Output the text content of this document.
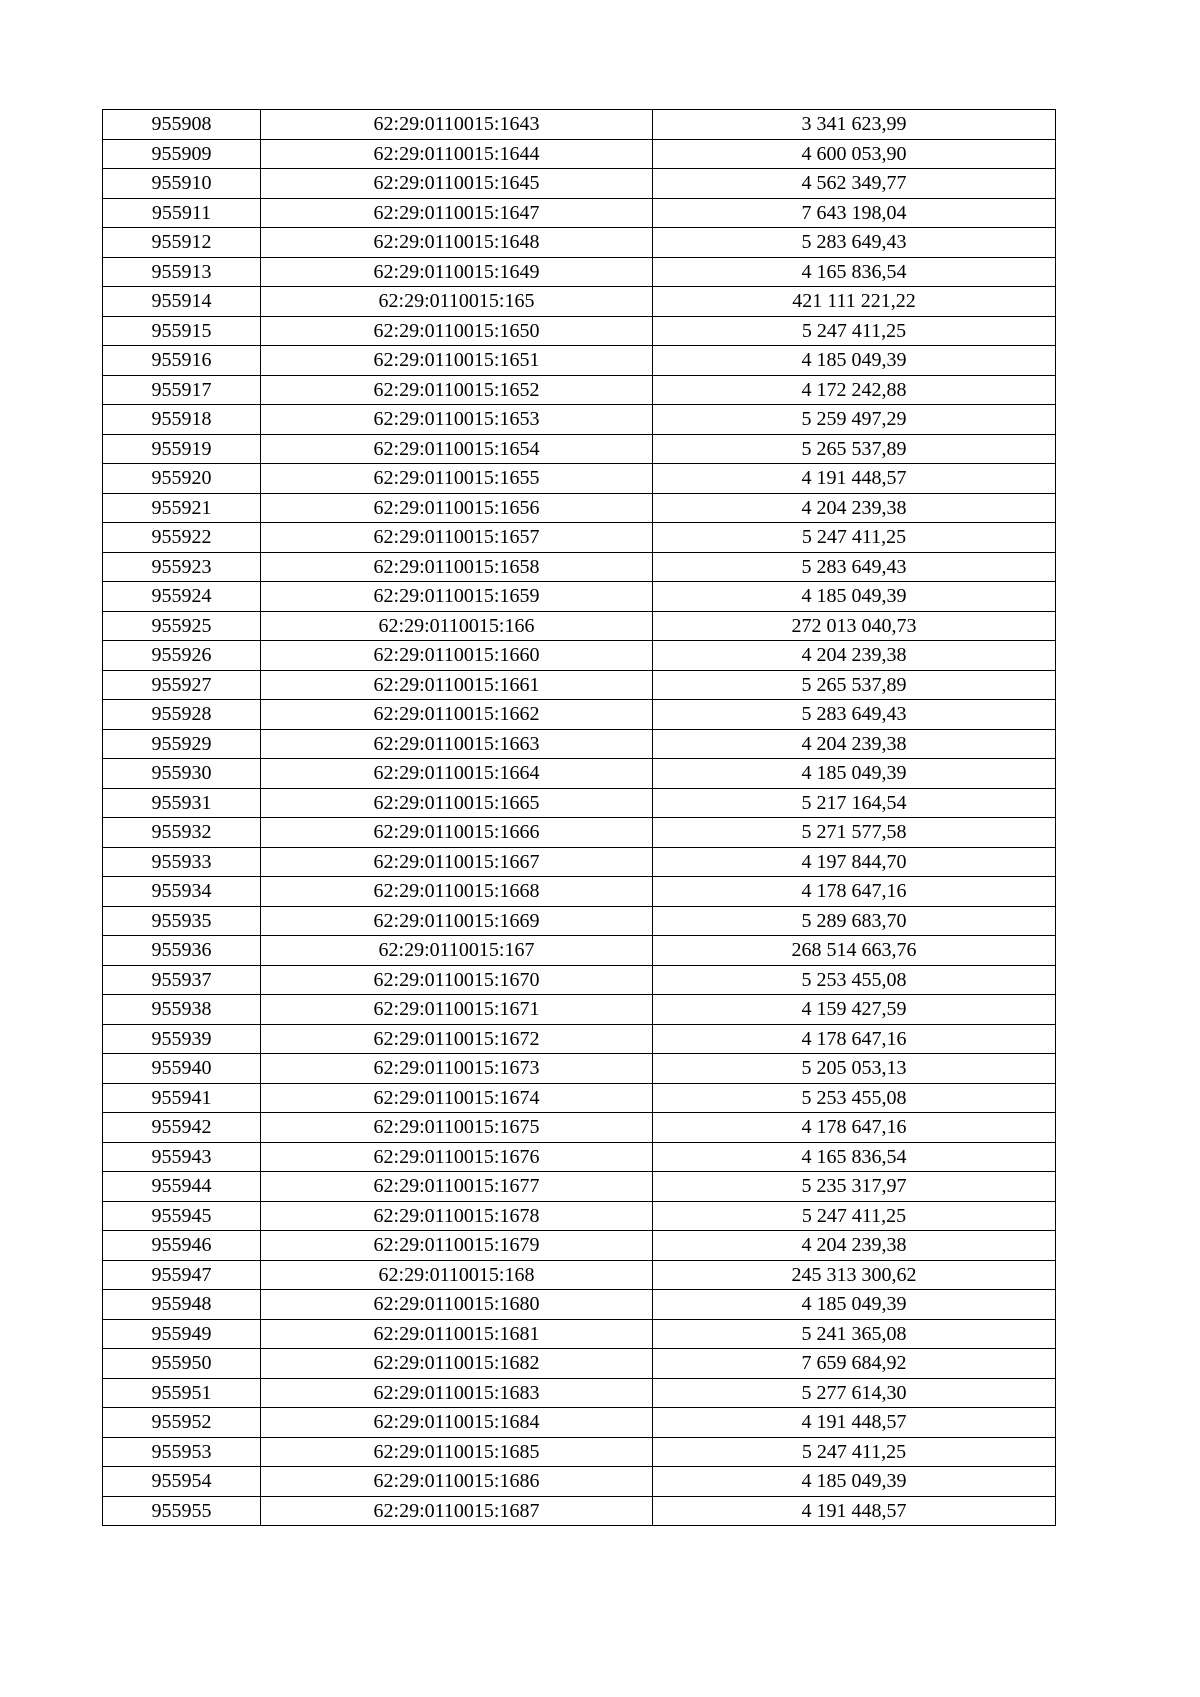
955908	62:29:0110015:1643	3 341 623,99
955909	62:29:0110015:1644	4 600 053,90
955910	62:29:0110015:1645	4 562 349,77
955911	62:29:0110015:1647	7 643 198,04
955912	62:29:0110015:1648	5 283 649,43
955913	62:29:0110015:1649	4 165 836,54
955914	62:29:0110015:165	421 111 221,22
955915	62:29:0110015:1650	5 247 411,25
955916	62:29:0110015:1651	4 185 049,39
955917	62:29:0110015:1652	4 172 242,88
955918	62:29:0110015:1653	5 259 497,29
955919	62:29:0110015:1654	5 265 537,89
955920	62:29:0110015:1655	4 191 448,57
955921	62:29:0110015:1656	4 204 239,38
955922	62:29:0110015:1657	5 247 411,25
955923	62:29:0110015:1658	5 283 649,43
955924	62:29:0110015:1659	4 185 049,39
955925	62:29:0110015:166	272 013 040,73
955926	62:29:0110015:1660	4 204 239,38
955927	62:29:0110015:1661	5 265 537,89
955928	62:29:0110015:1662	5 283 649,43
955929	62:29:0110015:1663	4 204 239,38
955930	62:29:0110015:1664	4 185 049,39
955931	62:29:0110015:1665	5 217 164,54
955932	62:29:0110015:1666	5 271 577,58
955933	62:29:0110015:1667	4 197 844,70
955934	62:29:0110015:1668	4 178 647,16
955935	62:29:0110015:1669	5 289 683,70
955936	62:29:0110015:167	268 514 663,76
955937	62:29:0110015:1670	5 253 455,08
955938	62:29:0110015:1671	4 159 427,59
955939	62:29:0110015:1672	4 178 647,16
955940	62:29:0110015:1673	5 205 053,13
955941	62:29:0110015:1674	5 253 455,08
955942	62:29:0110015:1675	4 178 647,16
955943	62:29:0110015:1676	4 165 836,54
955944	62:29:0110015:1677	5 235 317,97
955945	62:29:0110015:1678	5 247 411,25
955946	62:29:0110015:1679	4 204 239,38
955947	62:29:0110015:168	245 313 300,62
955948	62:29:0110015:1680	4 185 049,39
955949	62:29:0110015:1681	5 241 365,08
955950	62:29:0110015:1682	7 659 684,92
955951	62:29:0110015:1683	5 277 614,30
955952	62:29:0110015:1684	4 191 448,57
955953	62:29:0110015:1685	5 247 411,25
955954	62:29:0110015:1686	4 185 049,39
955955	62:29:0110015:1687	4 191 448,57
